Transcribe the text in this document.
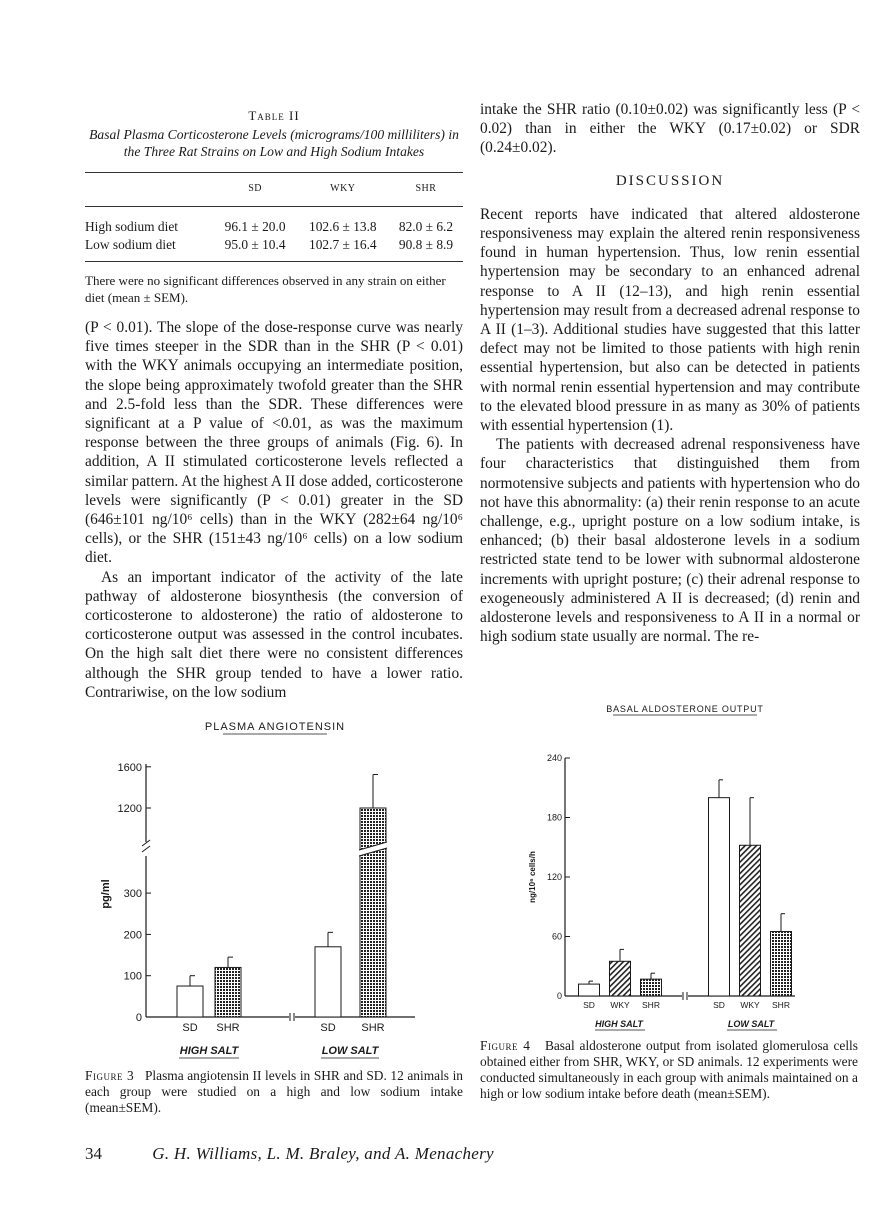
Table II
Basal Plasma Corticosterone Levels (micrograms/100 milliliters) in the Three Rat Strains on Low and High Sodium Intakes
	SD	WKY	SHR
High sodium diet	96.1 ± 20.0	102.6 ± 13.8	82.0 ± 6.2
Low sodium diet	95.0 ± 10.4	102.7 ± 16.4	90.8 ± 8.9
There were no significant differences observed in any strain on either diet (mean ± SEM).

(P < 0.01). The slope of the dose-response curve was nearly five times steeper in the SDR than in the SHR (P < 0.01) with the WKY animals occupying an intermediate position, the slope being approximately twofold greater than the SHR and 2.5-fold less than the SDR. These differences were significant at a P value of <0.01, as was the maximum response between the three groups of animals (Fig. 6). In addition, A II stimulated corticosterone levels reflected a similar pattern. At the highest A II dose added, corticosterone levels were significantly (P < 0.01) greater in the SD (646±101 ng/10⁶ cells) than in the WKY (282±64 ng/10⁶ cells), or the SHR (151±43 ng/10⁶ cells) on a low sodium diet.

As an important indicator of the activity of the late pathway of aldosterone biosynthesis (the conversion of corticosterone to aldosterone) the ratio of aldosterone to corticosterone output was assessed in the control incubates. On the high salt diet there were no consistent differences although the SHR group tended to have a lower ratio. Contrariwise, on the low sodium

intake the SHR ratio (0.10±0.02) was significantly less (P < 0.02) than in either the WKY (0.17±0.02) or SDR (0.24±0.02).

DISCUSSION

Recent reports have indicated that altered aldosterone responsiveness may explain the altered renin responsiveness found in human hypertension. Thus, low renin essential hypertension may be secondary to an enhanced adrenal response to A II (12–13), and high renin essential hypertension may result from a decreased adrenal response to A II (1–3). Additional studies have suggested that this latter defect may not be limited to those patients with high renin essential hypertension, but also can be detected in patients with normal renin essential hypertension and may contribute to the elevated blood pressure in as many as 30% of patients with essential hypertension (1).

The patients with decreased adrenal responsiveness have four characteristics that distinguished them from normotensive subjects and patients with hypertension who do not have this abnormality: (a) their renin response to an acute challenge, e.g., upright posture on a low sodium intake, is enhanced; (b) their basal aldosterone levels in a sodium restricted state tend to be lower with subnormal aldosterone increments with upright posture; (c) their adrenal response to exogeneously administered A II is decreased; (d) renin and aldosterone levels and responsiveness to A II in a normal or high sodium state usually are normal. The re-

PLASMA ANGIOTENSIN
0
100
200
300
1200
1600
pg/ml
SD SHR	SD SHR
HIGH SALT	LOW SALT
BASAL ALDOSTERONE OUTPUT
0
60
120
180
240
ng/10⁶ cells/h
SD WKY SHR	SD WKY SHR
HIGH SALT	LOW SALT
Figure 3 Plasma angiotensin II levels in SHR and SD. 12 animals in each group were studied on a high and low sodium intake (mean±SEM).
Figure 4 Basal aldosterone output from isolated glomerulosa cells obtained either from SHR, WKY, or SD animals. 12 experiments were conducted simultaneously in each group with animals maintained on a high or low sodium intake before death (mean±SEM).
34	G. H. Williams, L. M. Braley, and A. Menachery
